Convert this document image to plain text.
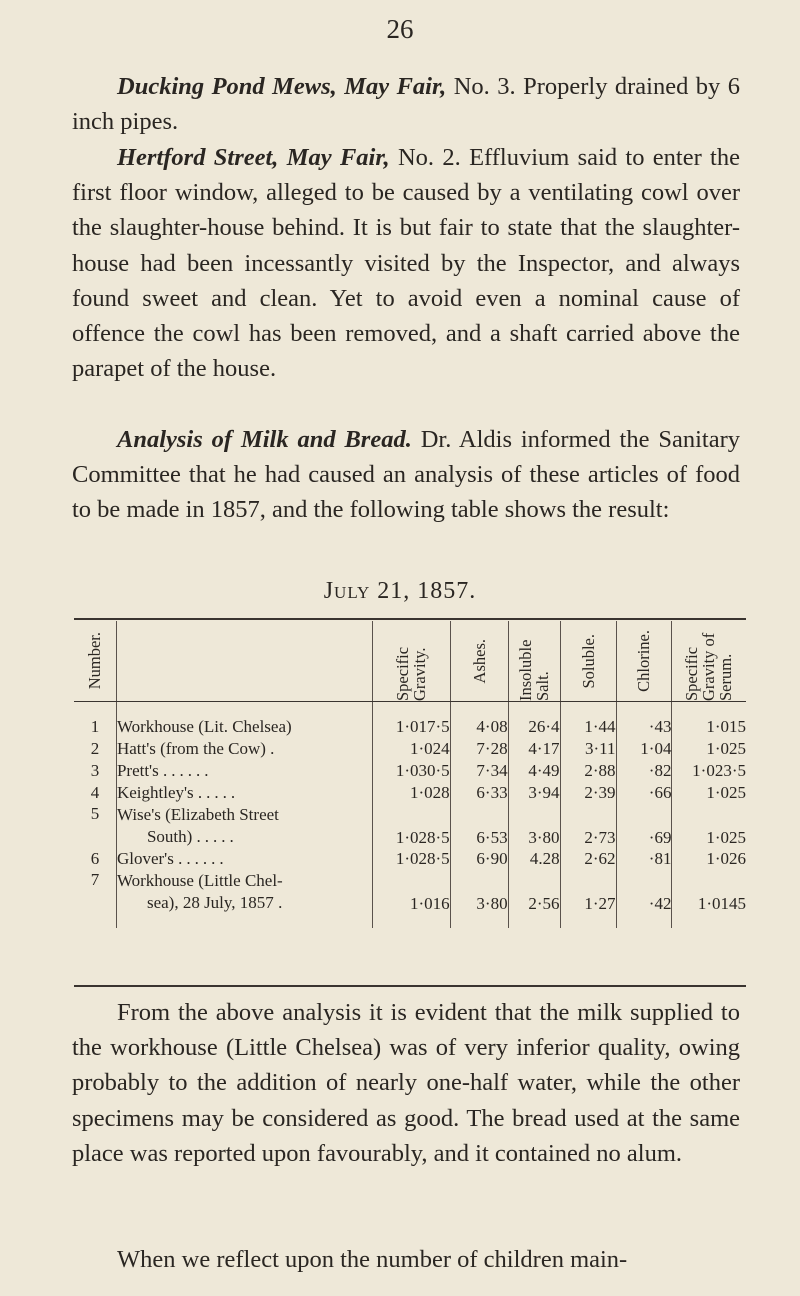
26

Ducking Pond Mews, May Fair, No. 3. Properly drained by 6 inch pipes.

Hertford Street, May Fair, No. 2. Effluvium said to enter the first floor window, alleged to be caused by a ventilating cowl over the slaughter-house behind. It is but fair to state that the slaughter-house had been incessantly visited by the Inspector, and always found sweet and clean. Yet to avoid even a nominal cause of offence the cowl has been removed, and a shaft carried above the parapet of the house.

Analysis of Milk and Bread. Dr. Aldis informed the Sanitary Committee that he had caused an analysis of these articles of food to be made in 1857, and the following table shows the result:

July 21, 1857.
Number.		Specific Gravity.	Ashes.	Insoluble Salt.	Soluble.	Chlorine.	Specific Gravity of Serum.

1	Workhouse (Lit. Chelsea)	1·017·5	4·08	26·4	1·44	·43	1·015
2	Hatt's (from the Cow) .	1·024	7·28	4·17	3·11	1·04	1·025
3	Prett's ......	1·030·5	7·34	4·49	2·88	·82	1·023·5
4	Keightley's .....	1·028	6·33	3·94	2·39	·66	1·025
5	Wise's (Elizabeth Street
South) .....	1·028·5	6·53	3·80	2·73	·69	1·025
6	Glover's ......	1·028·5	6·90	4.28	2·62	·81	1·026
7	Workhouse (Little Chel-
sea), 28 July, 1857 .	1·016	3·80	2·56	1·27	·42	1·0145

From the above analysis it is evident that the milk supplied to the workhouse (Little Chelsea) was of very inferior quality, owing probably to the addition of nearly one-half water, while the other specimens may be considered as good. The bread used at the same place was reported upon favourably, and it contained no alum.

When we reflect upon the number of children main-
